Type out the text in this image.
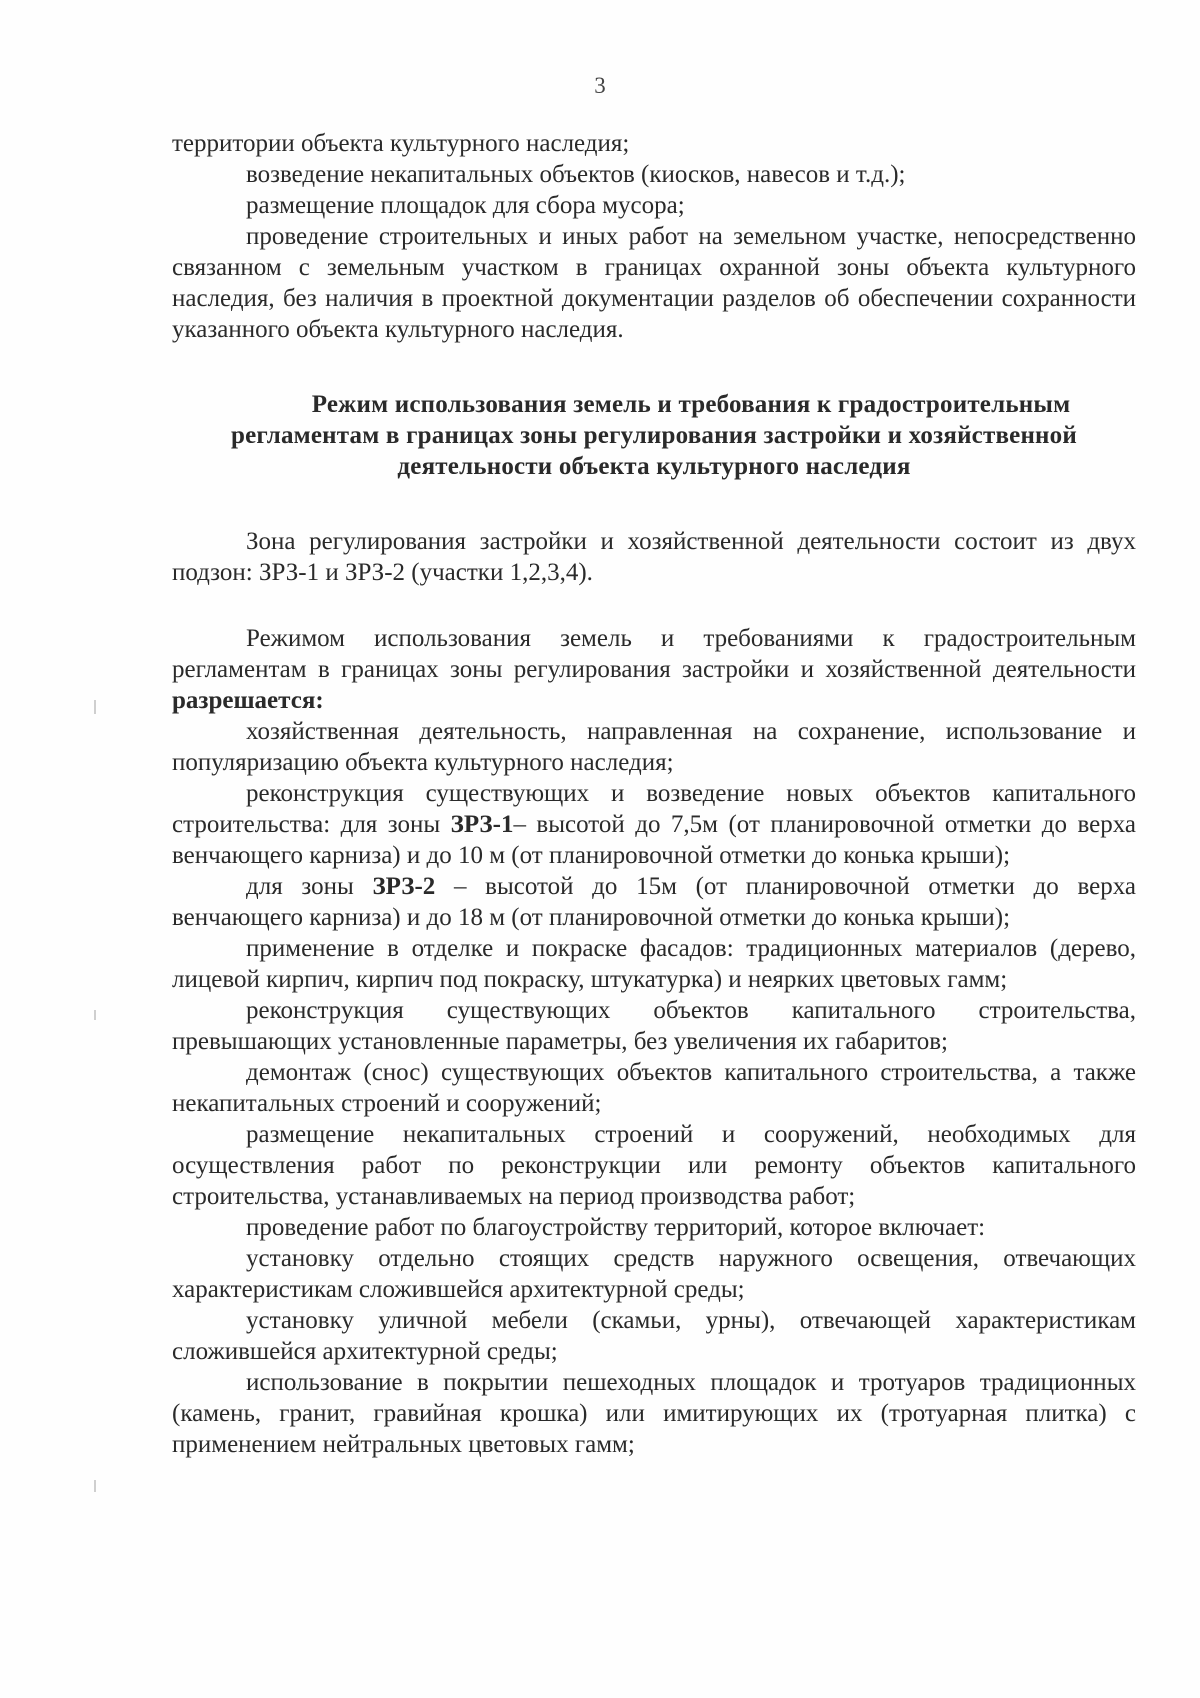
3

территории объекта культурного наследия;

возведение некапитальных объектов (киосков, навесов и т.д.);

размещение площадок для сбора мусора;

проведение строительных и иных работ на земельном участке, непосредственно связанном с земельным участком в границах охранной зоны объекта культурного наследия, без наличия в проектной документации разделов об обеспечении сохранности указанного объекта культурного наследия.

Режим использования земель и требования к градостроительным
регламентам в границах зоны регулирования застройки и хозяйственной
деятельности объекта культурного наследия

Зона регулирования застройки и хозяйственной деятельности состоит из двух подзон: ЗРЗ-1 и ЗРЗ-2 (участки 1,2,3,4).

Режимом использования земель и требованиями к градостроительным регламентам в границах зоны регулирования застройки и хозяйственной деятельности разрешается:

хозяйственная деятельность, направленная на сохранение, использование и популяризацию объекта культурного наследия;

реконструкция существующих и возведение новых объектов капитального строительства: для зоны ЗРЗ-1– высотой до 7,5м (от планировочной отметки до верха венчающего карниза) и до 10 м (от планировочной отметки до конька крыши);

для зоны ЗРЗ-2 – высотой до 15м (от планировочной отметки до верха венчающего карниза) и до 18 м (от планировочной отметки до конька крыши);

применение в отделке и покраске фасадов: традиционных материалов (дерево, лицевой кирпич, кирпич под покраску, штукатурка) и неярких цветовых гамм;

реконструкция существующих объектов капитального строительства, превышающих установленные параметры, без увеличения их габаритов;

демонтаж (снос) существующих объектов капитального строительства, а также некапитальных строений и сооружений;

размещение некапитальных строений и сооружений, необходимых для осуществления работ по реконструкции или ремонту объектов капитального строительства, устанавливаемых на период производства работ;

проведение работ по благоустройству территорий, которое включает:

установку отдельно стоящих средств наружного освещения, отвечающих характеристикам сложившейся архитектурной среды;

установку уличной мебели (скамьи, урны), отвечающей характеристикам сложившейся архитектурной среды;

использование в покрытии пешеходных площадок и тротуаров традиционных (камень, гранит, гравийная крошка) или имитирующих их (тротуарная плитка) с применением нейтральных цветовых гамм;
